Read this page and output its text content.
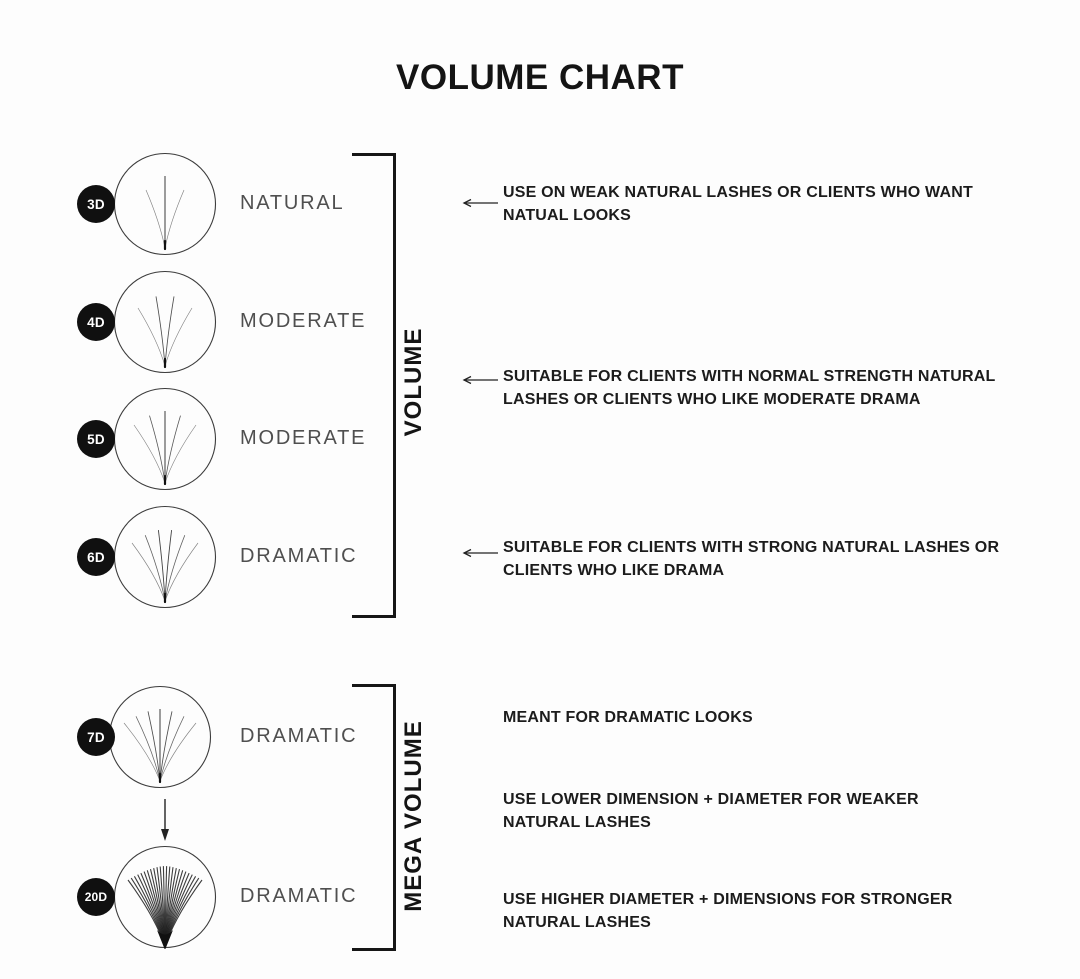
VOLUME CHART
3D	NATURAL
4D	MODERATE
5D	MODERATE
6D	DRAMATIC
7D	DRAMATIC
20D	DRAMATIC
VOLUME
MEGA VOLUME
USE ON WEAK NATURAL LASHES OR CLIENTS WHO WANT NATUAL LOOKS
SUITABLE FOR CLIENTS WITH NORMAL STRENGTH NATURAL LASHES OR CLIENTS WHO LIKE MODERATE DRAMA
SUITABLE FOR CLIENTS WITH STRONG NATURAL LASHES OR CLIENTS WHO LIKE DRAMA
MEANT FOR DRAMATIC LOOKS
USE LOWER DIMENSION + DIAMETER FOR WEAKER NATURAL LASHES
USE HIGHER DIAMETER + DIMENSIONS FOR STRONGER NATURAL LASHES
